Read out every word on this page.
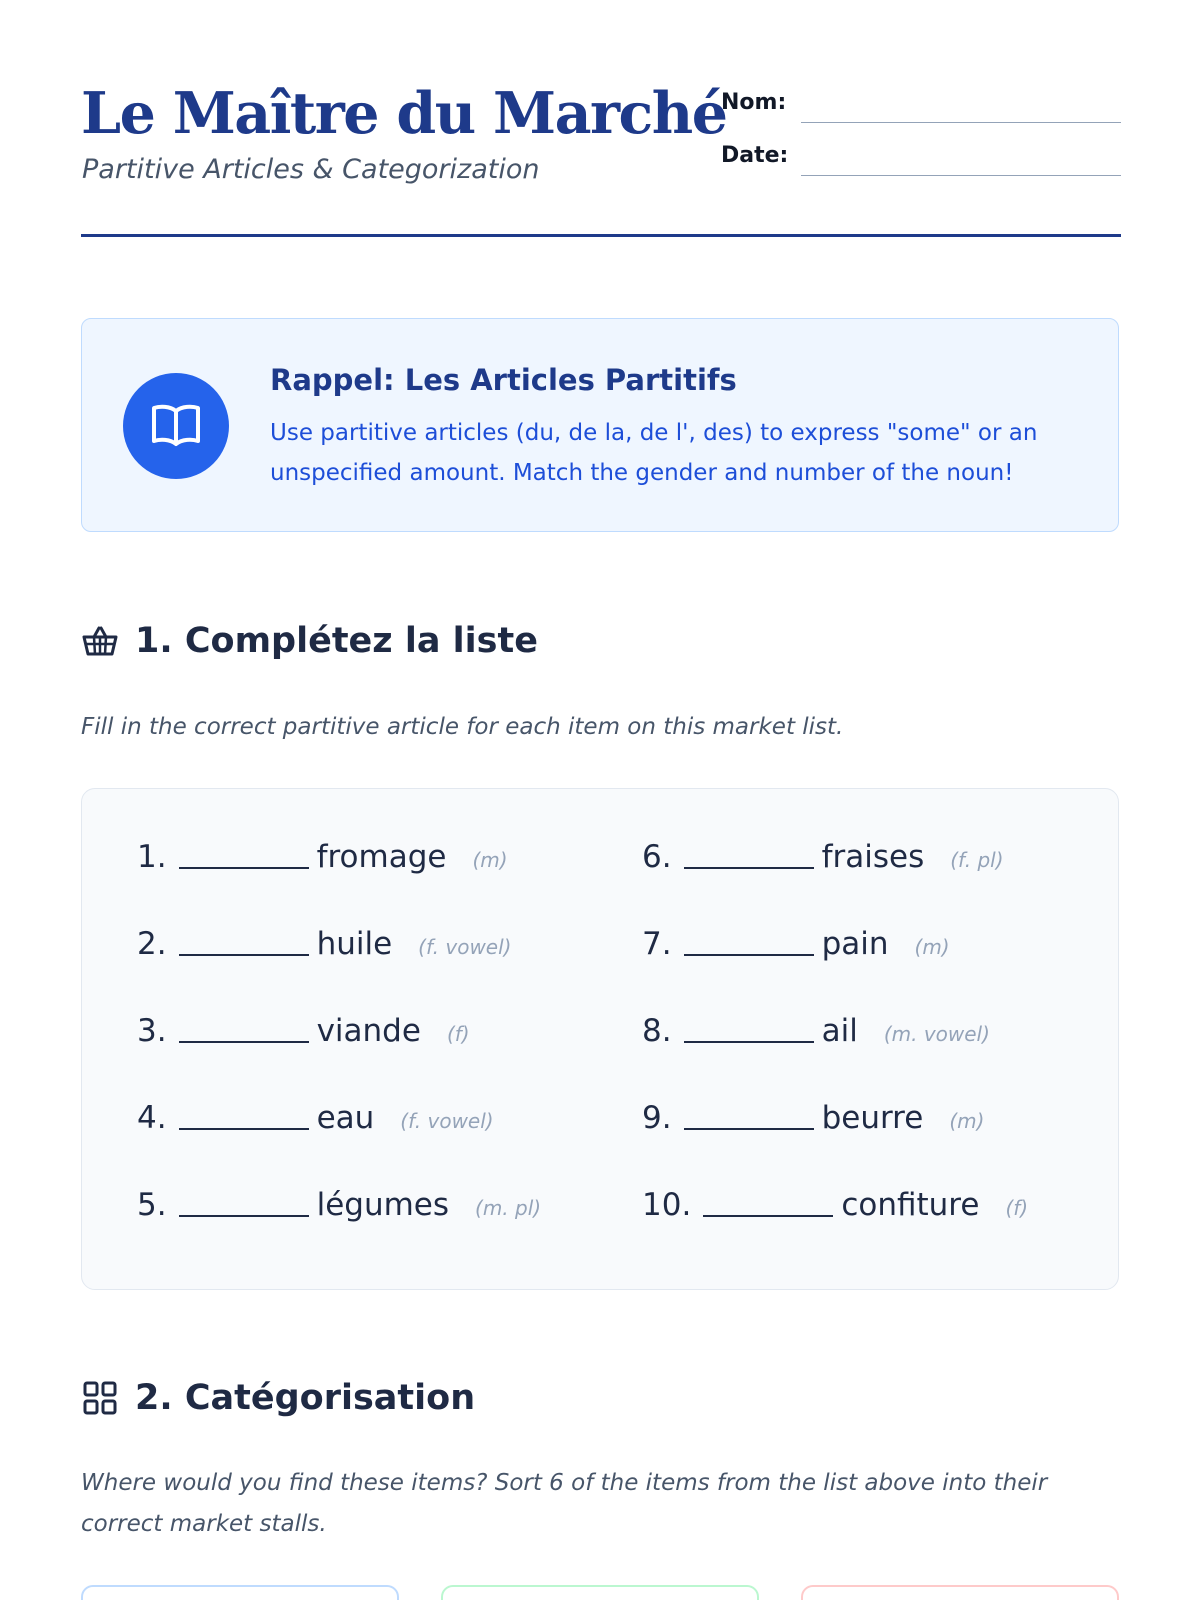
Le Maître du Marché
Partitive Articles & Categorization
Nom:
Date:
Rappel: Les Articles Partitifs
Use partitive articles (du, de la, de l', des) to express "some" or an unspecified amount. Match the gender and number of the noun!
1. Complétez la liste
Fill in the correct partitive article for each item on this market list.
1.	fromage (m)
2.	huile (f. vowel)
3.	viande (f)
4.	eau (f. vowel)
5.	légumes (m. pl)
6.	fraises (f. pl)
7.	pain (m)
8.	ail (m. vowel)
9.	beurre (m)
10.	confiture (f)
2. Catégorisation
Where would you find these items? Sort 6 of the items from the list above into their correct market stalls.
